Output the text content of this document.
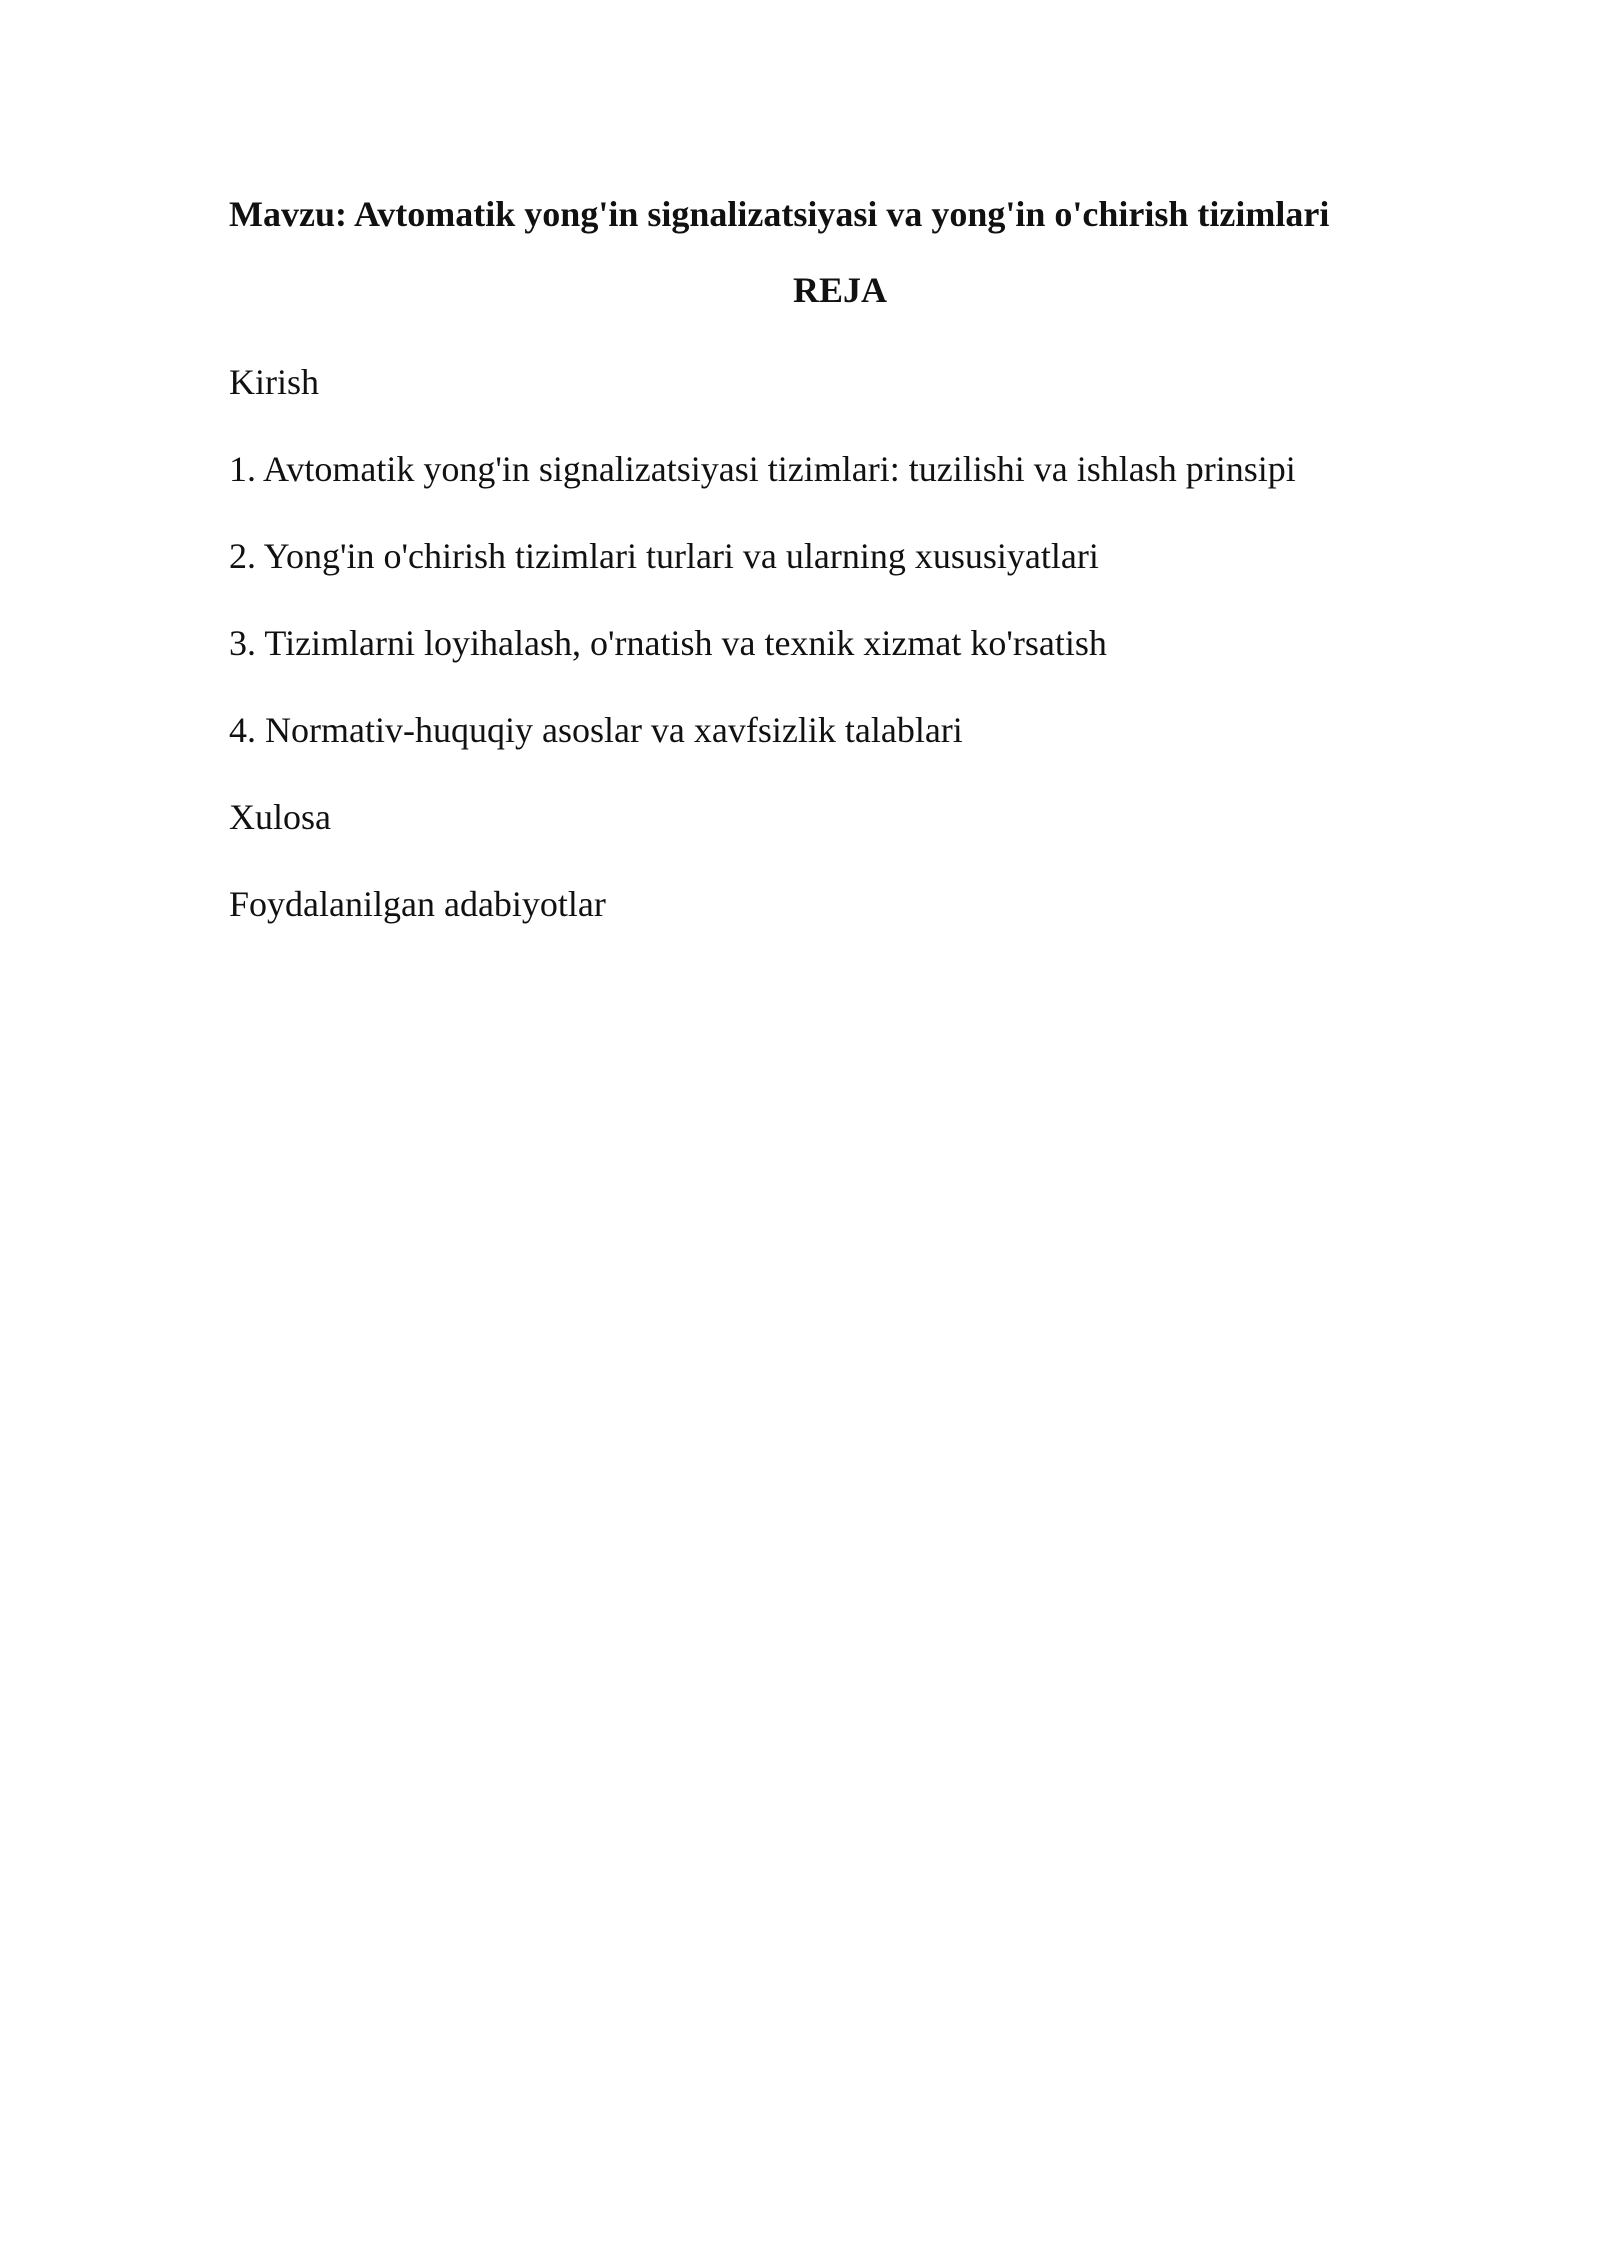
Mavzu: Avtomatik yong'in signalizatsiyasi va yong'in o'chirish tizimlari
REJA
Kirish
1. Avtomatik yong'in signalizatsiyasi tizimlari: tuzilishi va ishlash prinsipi
2. Yong'in o'chirish tizimlari turlari va ularning xususiyatlari
3. Tizimlarni loyihalash, o'rnatish va texnik xizmat ko'rsatish
4. Normativ-huquqiy asoslar va xavfsizlik talablari
Xulosa
Foydalanilgan adabiyotlar
